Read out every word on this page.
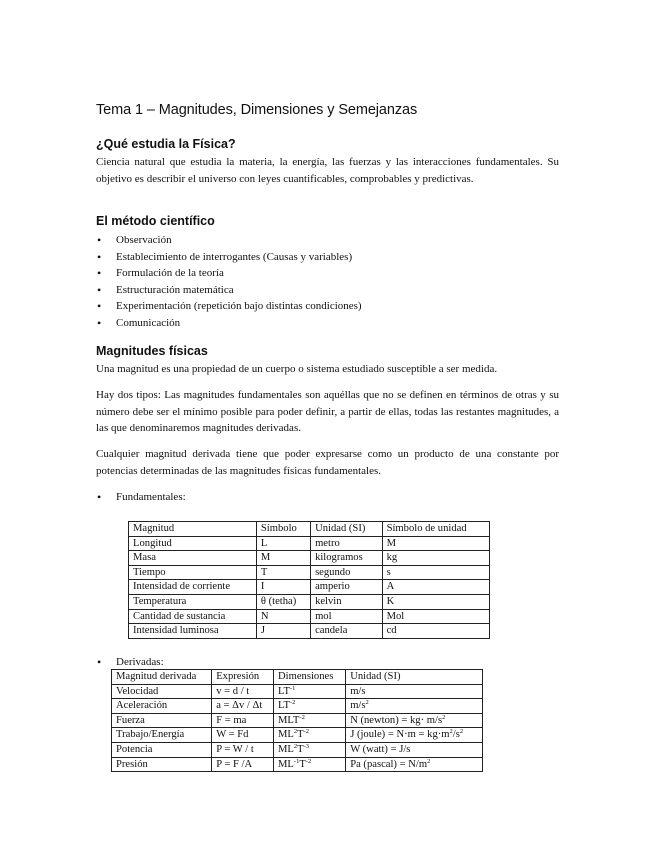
Tema 1 – Magnitudes, Dimensiones y Semejanzas
¿Qué estudia la Física?

Ciencia natural que estudia la materia, la energía, las fuerzas y las interacciones fundamentales. Su objetivo es describir el universo con leyes cuantificables, comprobables y predictivas.

El método científico
• Observación
• Establecimiento de interrogantes (Causas y variables)
• Formulación de la teoría
• Estructuración matemática
• Experimentación (repetición bajo distintas condiciones)
• Comunicación
Magnitudes físicas

Una magnitud es una propiedad de un cuerpo o sistema estudiado susceptible a ser medida.

Hay dos tipos: Las magnitudes fundamentales son aquéllas que no se definen en términos de otras y su número debe ser el mínimo posible para poder definir, a partir de ellas, todas las restantes magnitudes, a las que denominaremos magnitudes derivadas.

Cualquier magnitud derivada tiene que poder expresarse como un producto de una constante por potencias determinadas de las magnitudes físicas fundamentales.

• Fundamentales:
Magnitud	Símbolo	Unidad (SI)	Símbolo de unidad
Longitud	L	metro	M
Masa	M	kilogramos	kg
Tiempo	T	segundo	s
Intensidad de corriente	I	amperio	A
Temperatura	θ (tetha)	kelvin	K
Cantidad de sustancia	N	mol	Mol
Intensidad luminosa	J	candela	cd
• Derivadas:
Magnitud derivada	Expresión	Dimensiones	Unidad (SI)
Velocidad	v = d / t	$LT^{-1}$	m/s
Aceleración	a = Δv / Δt	$LT^{-2}$	$m/s^2$
Fuerza	F = ma	$MLT^{-2}$	N (newton) = $kg\cdot m/s^2$
Trabajo/Energía	W = Fd	$ML^2T^{-2}$	J (joule) = $N\cdot m = kg\cdot m^2/s^2$
Potencia	P = W / t	$ML^2T^{-3}$	W (watt) = J/s
Presión	P = F /A	$ML^{-1}T^{-2}$	Pa (pascal) = $N/m^2$
